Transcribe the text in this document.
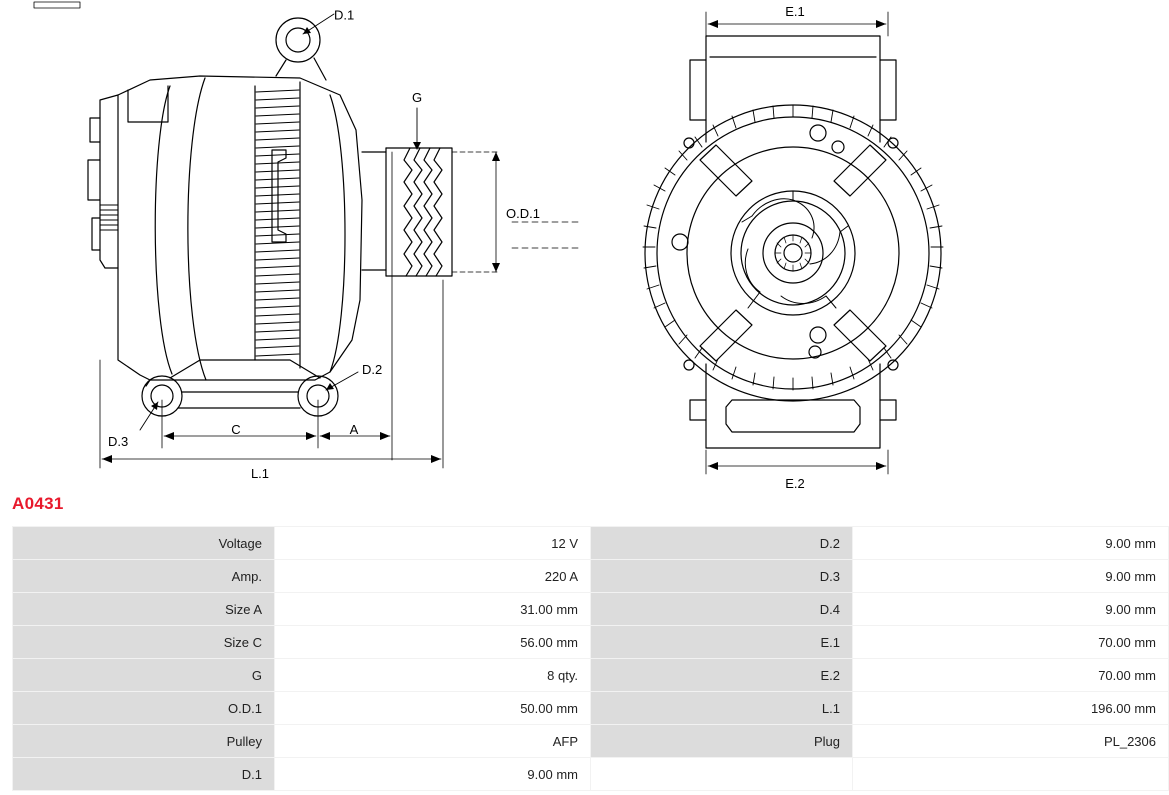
D.1
G
O.D.1
D.2
D.3
C	A
L.1
E.1
E.2
A0431
Voltage	12 V	D.2	9.00 mm
Amp.	220 A	D.3	9.00 mm
Size A	31.00 mm	D.4	9.00 mm
Size C	56.00 mm	E.1	70.00 mm
G	8 qty.	E.2	70.00 mm
O.D.1	50.00 mm	L.1	196.00 mm
Pulley	AFP	Plug	PL_2306
D.1	9.00 mm		
